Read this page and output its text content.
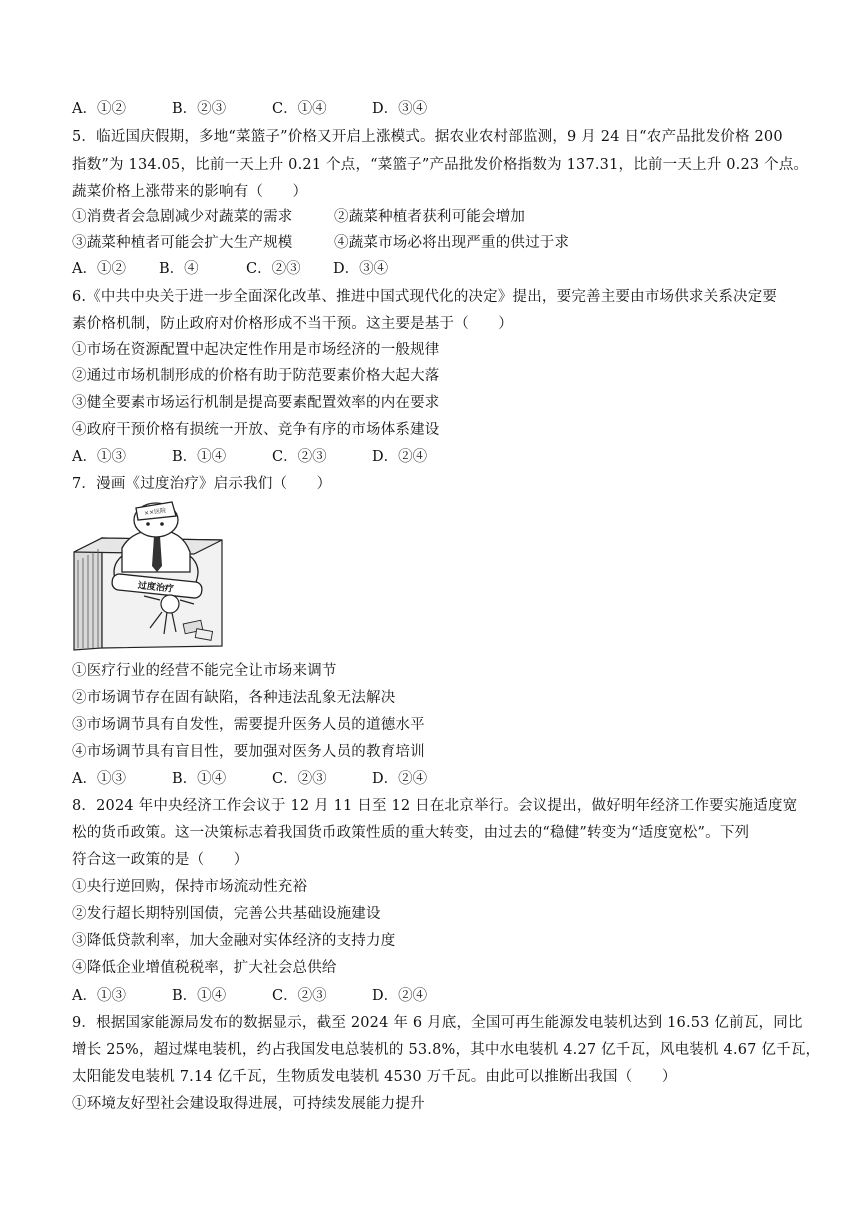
A．①②	B．②③	C．①④	D．③④
5．临近国庆假期，多地“菜篮子”价格又开启上涨模式。据农业农村部监测，9 月 24 日“农产品批发价格 200
指数”为 134.05，比前一天上升 0.21 个点，“菜篮子”产品批发价格指数为 137.31，比前一天上升 0.23 个点。
蔬菜价格上涨带来的影响有（　　）
①消费者会急剧减少对蔬菜的需求	②蔬菜种植者获利可能会增加
③蔬菜种植者可能会扩大生产规模	④蔬菜市场必将出现严重的供过于求
A．①② B．④	C．②③ D．③④
6.《中共中央关于进一步全面深化改革、推进中国式现代化的决定》提出，要完善主要由市场供求关系决定要
素价格机制，防止政府对价格形成不当干预。这主要是基于（　　）
①市场在资源配置中起决定性作用是市场经济的一般规律
②通过市场机制形成的价格有助于防范要素价格大起大落
③健全要素市场运行机制是提高要素配置效率的内在要求
④政府干预价格有损统一开放、竞争有序的市场体系建设
A．①③	B．①④	C．②③	D．②④
7．漫画《过度治疗》启示我们（　　）
××医院
过度治疗
①医疗行业的经营不能完全让市场来调节
②市场调节存在固有缺陷，各种违法乱象无法解决
③市场调节具有自发性，需要提升医务人员的道德水平
④市场调节具有盲目性，要加强对医务人员的教育培训
A．①③	B．①④	C．②③	D．②④
8．2024 年中央经济工作会议于 12 月 11 日至 12 日在北京举行。会议提出，做好明年经济工作要实施适度宽
松的货币政策。这一决策标志着我国货币政策性质的重大转变，由过去的“稳健”转变为“适度宽松”。下列
符合这一政策的是（　　）
①央行逆回购，保持市场流动性充裕
②发行超长期特别国债，完善公共基础设施建设
③降低贷款利率，加大金融对实体经济的支持力度
④降低企业增值税税率，扩大社会总供给
A．①③	B．①④	C．②③	D．②④
9．根据国家能源局发布的数据显示，截至 2024 年 6 月底，全国可再生能源发电装机达到 16.53 亿前瓦，同比
增长 25%，超过煤电装机，约占我国发电总装机的 53.8%，其中水电装机 4.27 亿千瓦，风电装机 4.67 亿千瓦，
太阳能发电装机 7.14 亿千瓦，生物质发电装机 4530 万千瓦。由此可以推断出我国（　　）
①环境友好型社会建设取得进展，可持续发展能力提升
